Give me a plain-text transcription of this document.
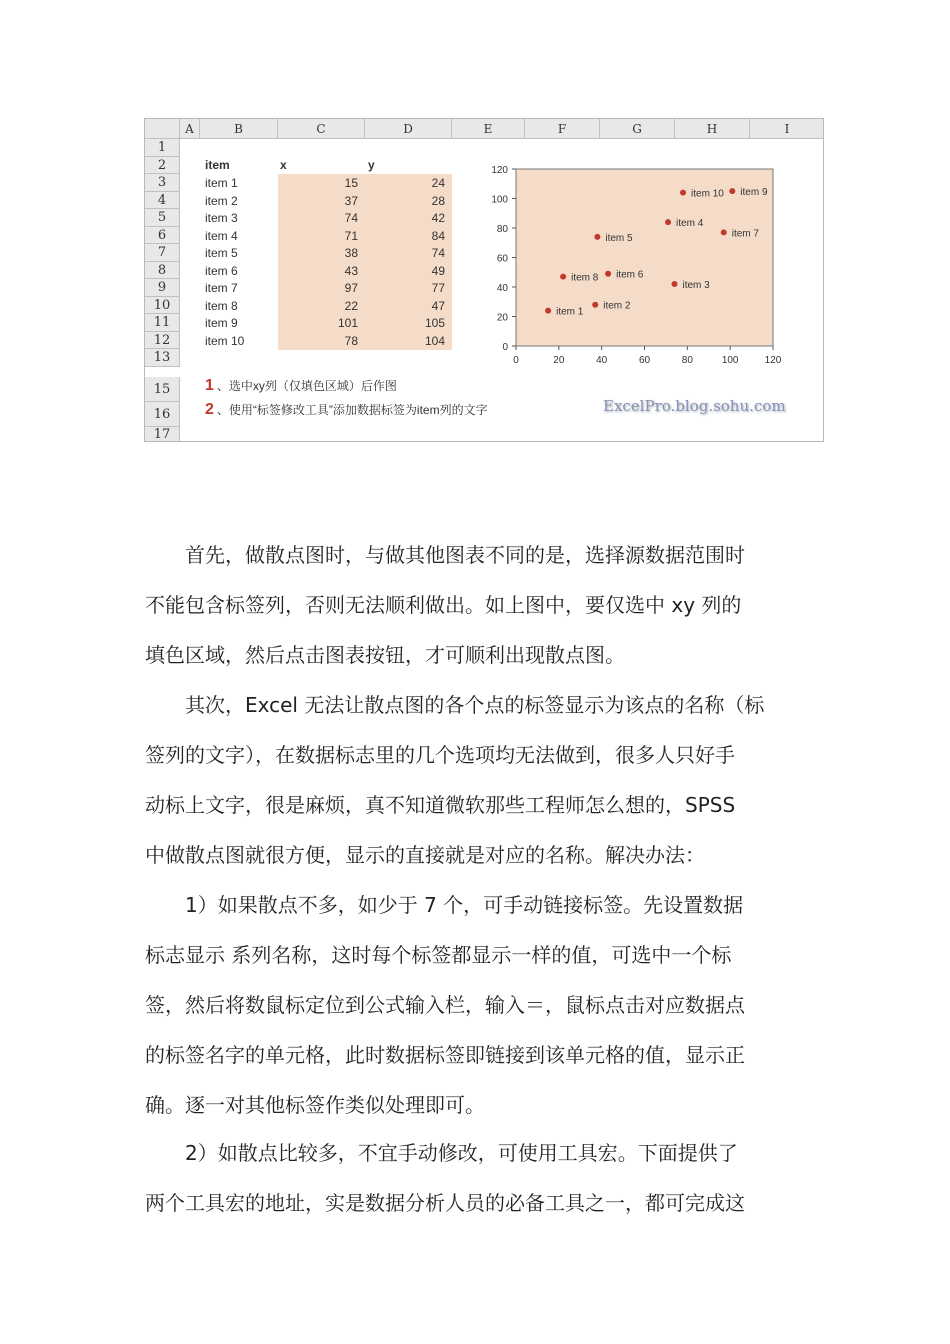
A	B	C	D	E	F	G	H	I
1
2
3
4
5
6
7
8
9
10
11
12
13
15
16
17
item	x	y
item 1	15	24
item 2	37	28
item 3	74	42
item 4	71	84
item 5	38	74
item 6	43	49
item 7	97	77
item 8	22	47
item 9	101	105
item 10	78	104	0
20
40
60
80
100
120
0	20	40	60	80	100	120
item 1
item 2
item 3
item 4
item 5
item 6
item 7
item 8
item 9
item 10
1 、选中xy列（仅填色区域）后作图
2 、使用“标签修改工具”添加数据标签为item列的文字	ExcelPro.blog.sohu.com
　　首先，做散点图时，与做其他图表不同的是，选择源数据范围时
不能包含标签列，否则无法顺利做出。如上图中，要仅选中 xy 列的
填色区域，然后点击图表按钮，才可顺利出现散点图。
　　其次，Excel 无法让散点图的各个点的标签显示为该点的名称（标
签列的文字），在数据标志里的几个选项均无法做到，很多人只好手
动标上文字，很是麻烦，真不知道微软那些工程师怎么想的，SPSS
中做散点图就很方便，显示的直接就是对应的名称。解决办法：
　　1）如果散点不多，如少于 7 个，可手动链接标签。先设置数据
标志显示 系列名称，这时每个标签都显示一样的值，可选中一个标
签，然后将数鼠标定位到公式输入栏，输入＝，鼠标点击对应数据点
的标签名字的单元格，此时数据标签即链接到该单元格的值，显示正
确。逐一对其他标签作类似处理即可。
　　2）如散点比较多，不宜手动修改，可使用工具宏。下面提供了
两个工具宏的地址，实是数据分析人员的必备工具之一，都可完成这
